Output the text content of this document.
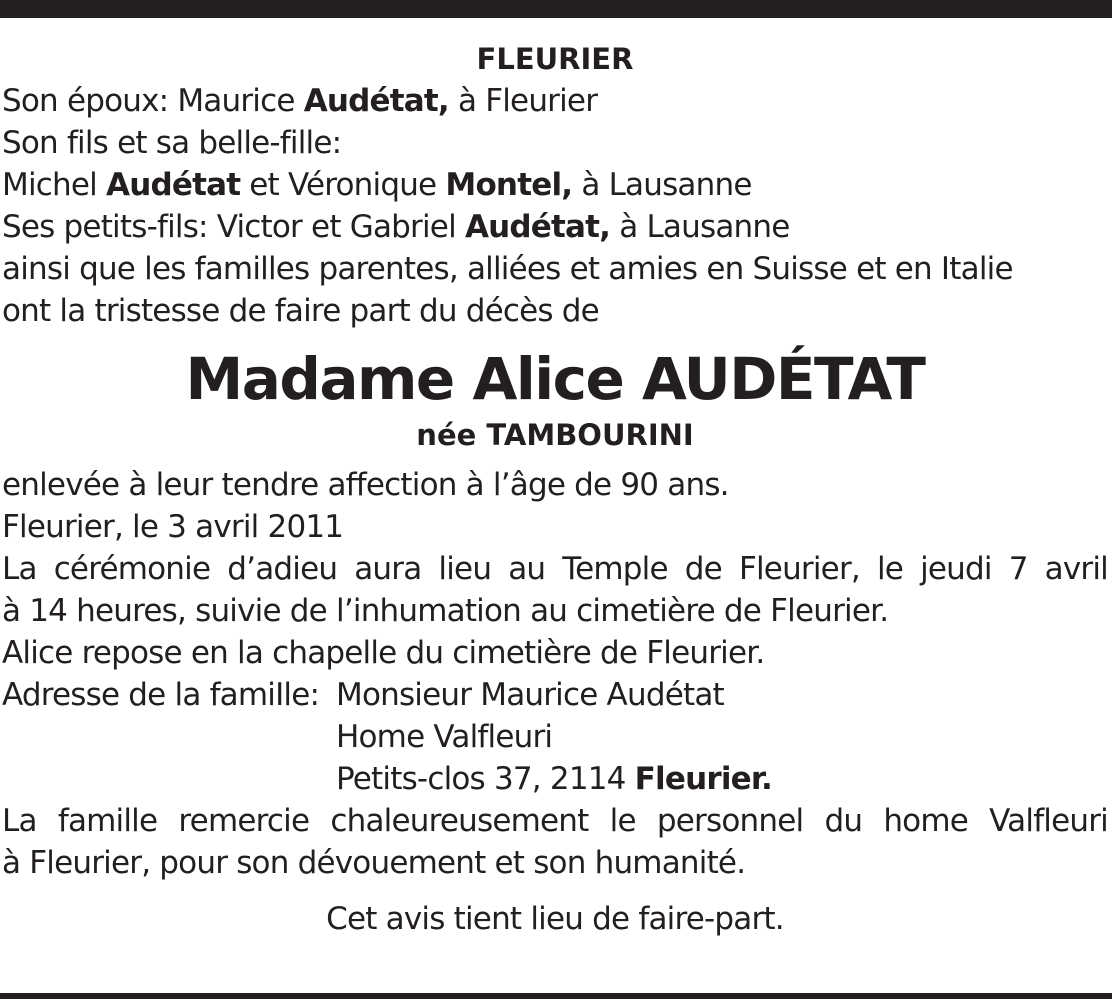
FLEURIER
Son époux: Maurice Audétat, à Fleurier
Son fils et sa belle-fille:
Michel Audétat et Véronique Montel, à Lausanne
Ses petits-fils: Victor et Gabriel Audétat, à Lausanne
ainsi que les familles parentes, alliées et amies en Suisse et en Italie
ont la tristesse de faire part du décès de
Madame Alice AUDÉTAT
née TAMBOURINI
enlevée à leur tendre affection à l’âge de 90 ans.
Fleurier, le 3 avril 2011
La cérémonie d’adieu aura lieu au Temple de Fleurier, le jeudi 7 avril
à 14 heures, suivie de l’inhumation au cimetière de Fleurier.
Alice repose en la chapelle du cimetière de Fleurier.
Adresse de la famiIle: Monsieur Maurice Audétat
Home Valfleuri
Petits-clos 37, 2114 Fleurier.
La famille remercie chaleureusement le personnel du home Valfleuri
à Fleurier, pour son dévouement et son humanité.
Cet avis tient lieu de faire-part.
